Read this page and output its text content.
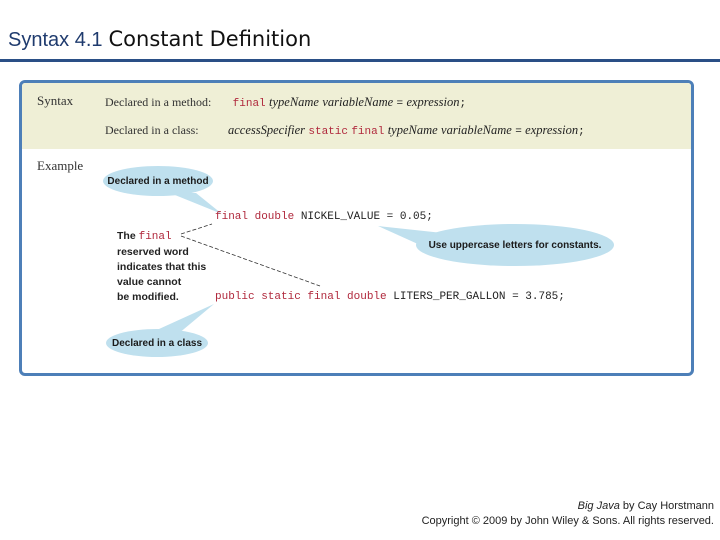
Syntax 4.1 Constant Definition
Syntax	Declared in a method: final typeName variableName = expression;
Declared in a class: accessSpecifier static final typeName variableName = expression;
Example
Declared in a method
final double NICKEL_VALUE = 0.05;
Use uppercase letters for constants.
The final
reserved word
indicates that this
value cannot
be modified.	public static final double LITERS_PER_GALLON = 3.785;
Declared in a class
Big Java by Cay Horstmann
Copyright © 2009 by John Wiley & Sons. All rights reserved.
